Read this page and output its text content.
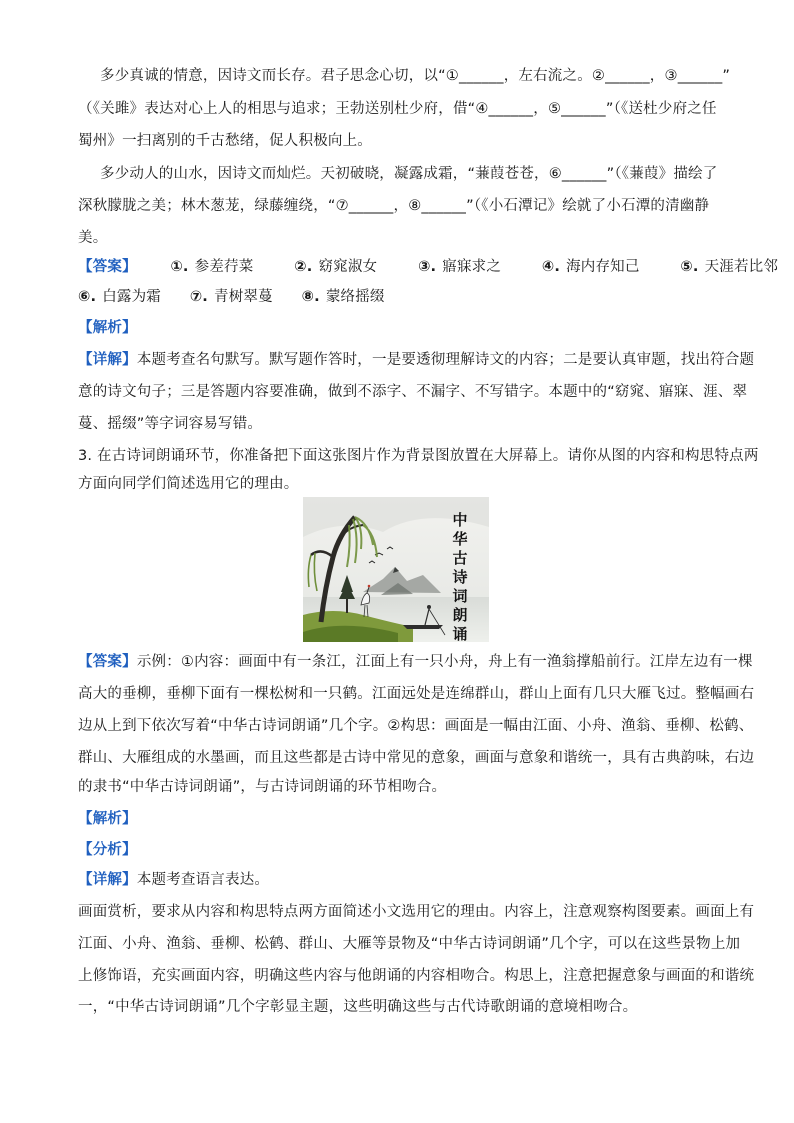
多少真诚的情意，因诗文而长存。君子思念心切，以“①______，左右流之。②______，③______”
（《关雎》表达对心上人的相思与追求；王勃送别杜少府，借“④______，⑤______”（《送杜少府之任
蜀州》一扫离别的千古愁绪，促人积极向上。
多少动人的山水，因诗文而灿烂。天初破晓，凝露成霜，“蒹葭苍苍，⑥______”（《蒹葭》描绘了
深秋朦胧之美；林木葱茏，绿藤缠绕，“⑦______，⑧______”（《小石潭记》绘就了小石潭的清幽静
美。
【答案】 ①. 参差荇菜	②. 窈窕淑女	③. 寤寐求之	④. 海内存知己	⑤. 天涯若比邻
⑥. 白露为霜 ⑦. 青树翠蔓 ⑧. 蒙络摇缀
【解析】
【详解】本题考查名句默写。默写题作答时，一是要透彻理解诗文的内容；二是要认真审题，找出符合题
意的诗文句子；三是答题内容要准确，做到不添字、不漏字、不写错字。本题中的“窈窕、寤寐、涯、翠
蔓、摇缀”等字词容易写错。
3. 在古诗词朗诵环节，你准备把下面这张图片作为背景图放置在大屏幕上。请你从图的内容和构思特点两
方面向同学们简述选用它的理由。
中
华
古
诗
词
朗
诵
【答案】示例：①内容：画面中有一条江，江面上有一只小舟，舟上有一渔翁撑船前行。江岸左边有一棵
高大的垂柳，垂柳下面有一棵松树和一只鹤。江面远处是连绵群山，群山上面有几只大雁飞过。整幅画右
边从上到下依次写着“中华古诗词朗诵”几个字。②构思：画面是一幅由江面、小舟、渔翁、垂柳、松鹤、
群山、大雁组成的水墨画，而且这些都是古诗中常见的意象，画面与意象和谐统一，具有古典韵味，右边
的隶书“中华古诗词朗诵”，与古诗词朗诵的环节相吻合。
【解析】
【分析】
【详解】本题考查语言表达。
画面赏析，要求从内容和构思特点两方面简述小文选用它的理由。内容上，注意观察构图要素。画面上有
江面、小舟、渔翁、垂柳、松鹤、群山、大雁等景物及“中华古诗词朗诵”几个字，可以在这些景物上加
上修饰语，充实画面内容，明确这些内容与他朗诵的内容相吻合。构思上，注意把握意象与画面的和谐统
一，“中华古诗词朗诵”几个字彰显主题，这些明确这些与古代诗歌朗诵的意境相吻合。
